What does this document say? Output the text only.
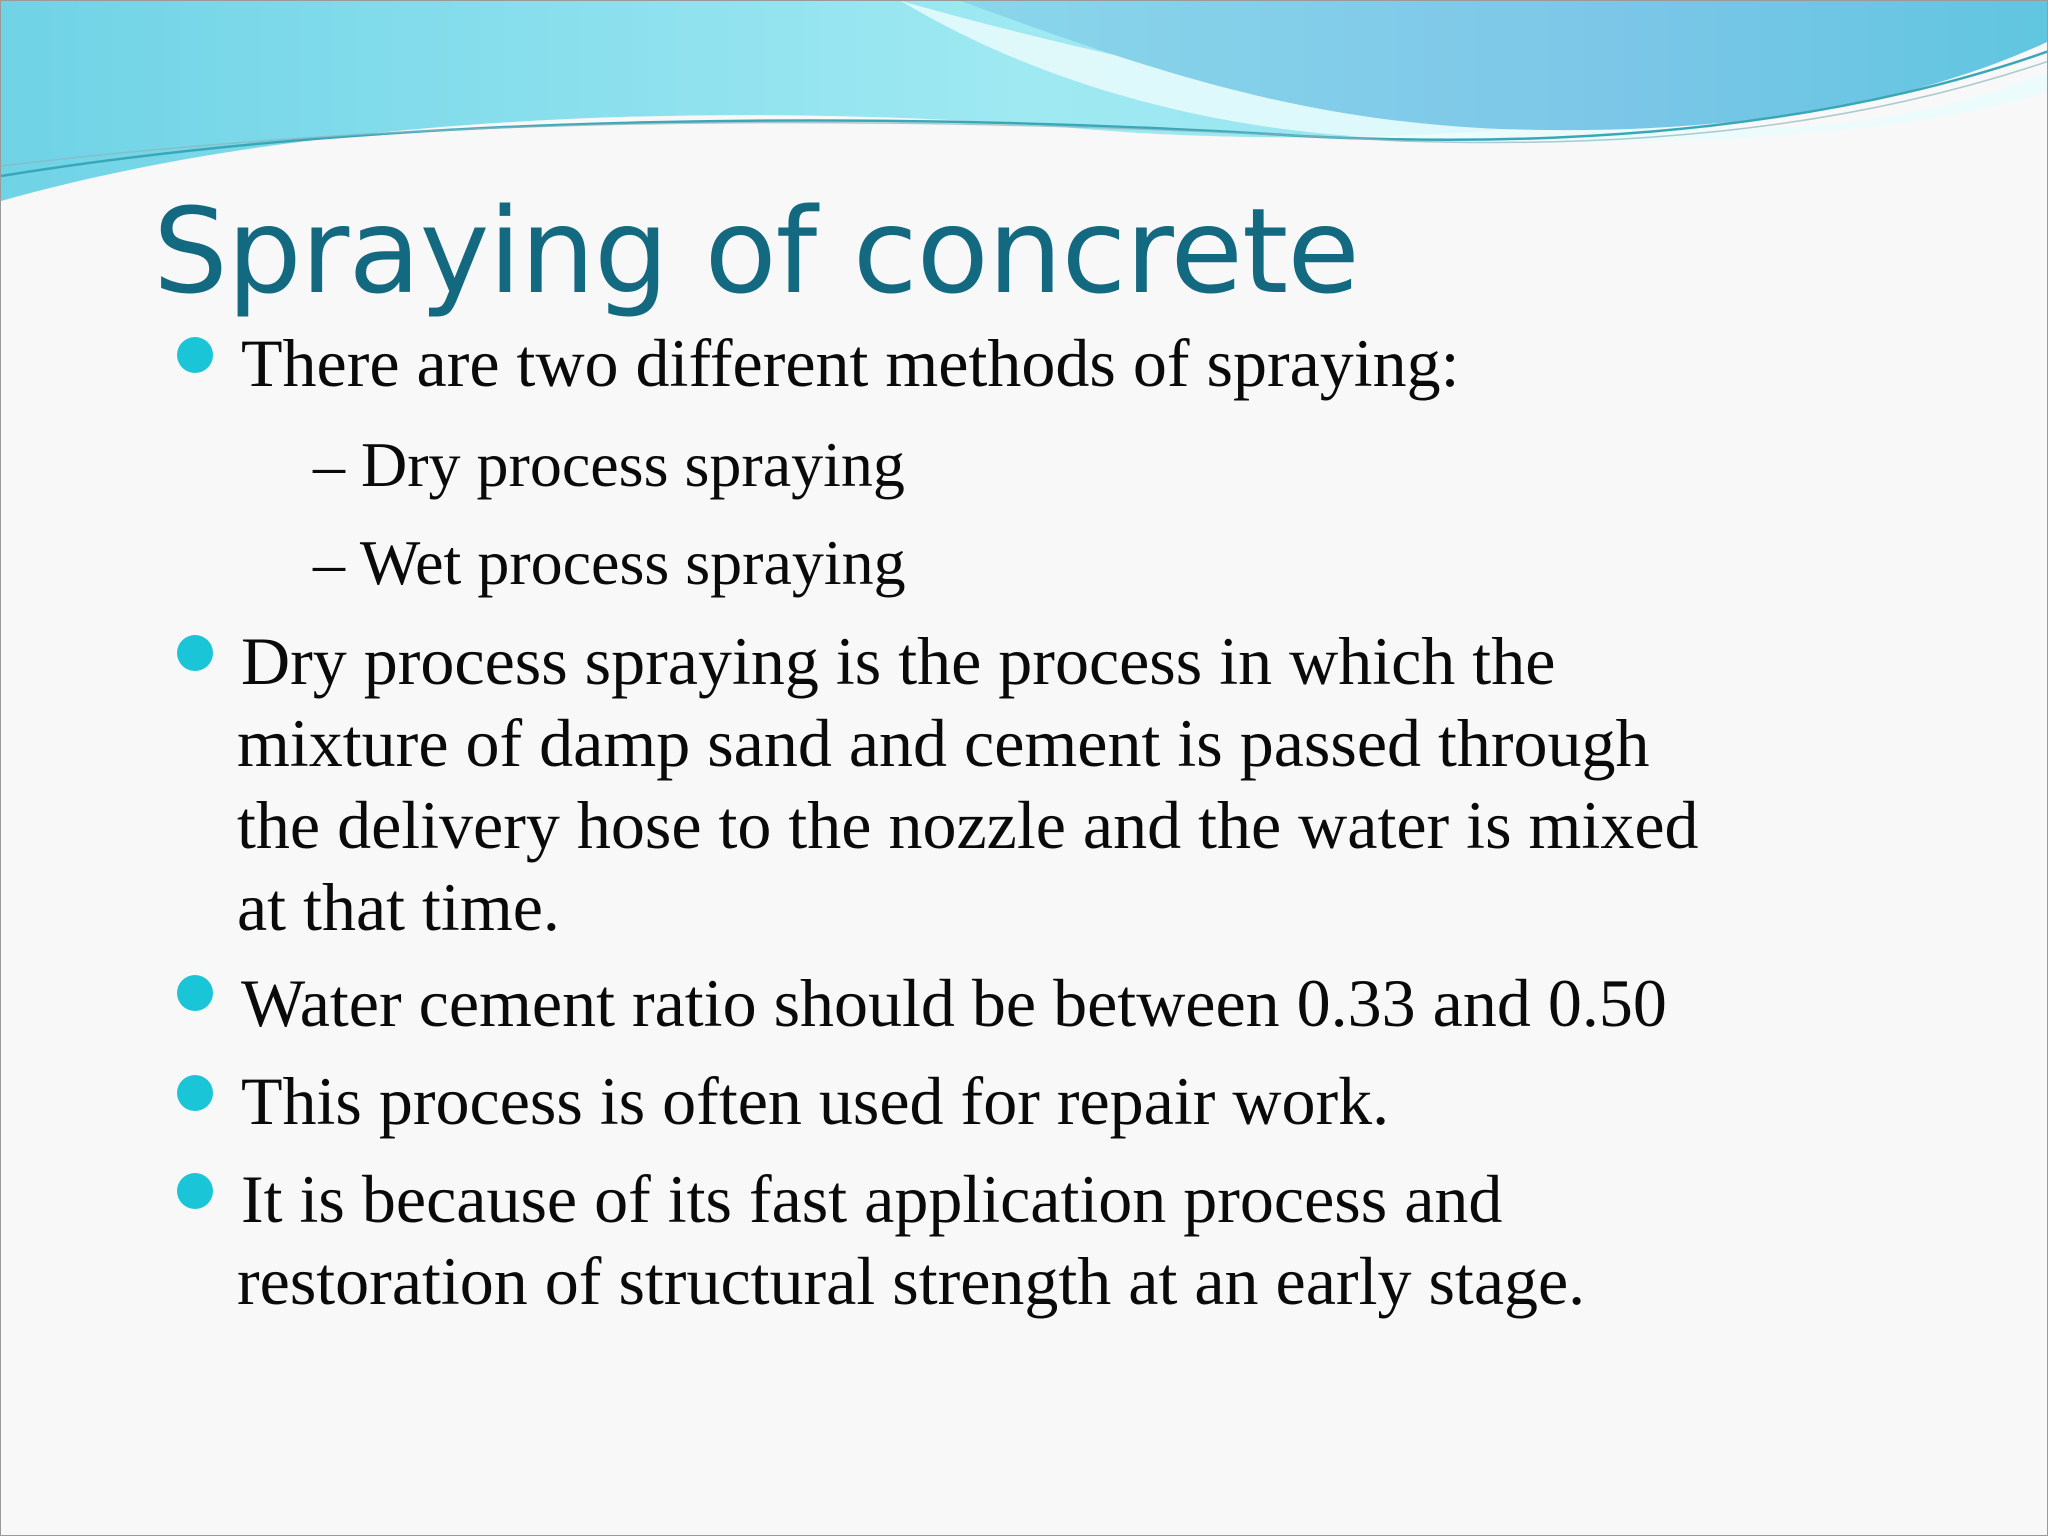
Spraying of concrete
There are two different methods of spraying:
– Dry process spraying
– Wet process spraying
Dry process spraying is the process in which the
mixture of damp sand and cement is passed through
the delivery hose to the nozzle and the water is mixed
at that time.
Water cement ratio should be between 0.33 and 0.50
This process is often used for repair work.
It is because of its fast application process and
restoration of structural strength at an early stage.
